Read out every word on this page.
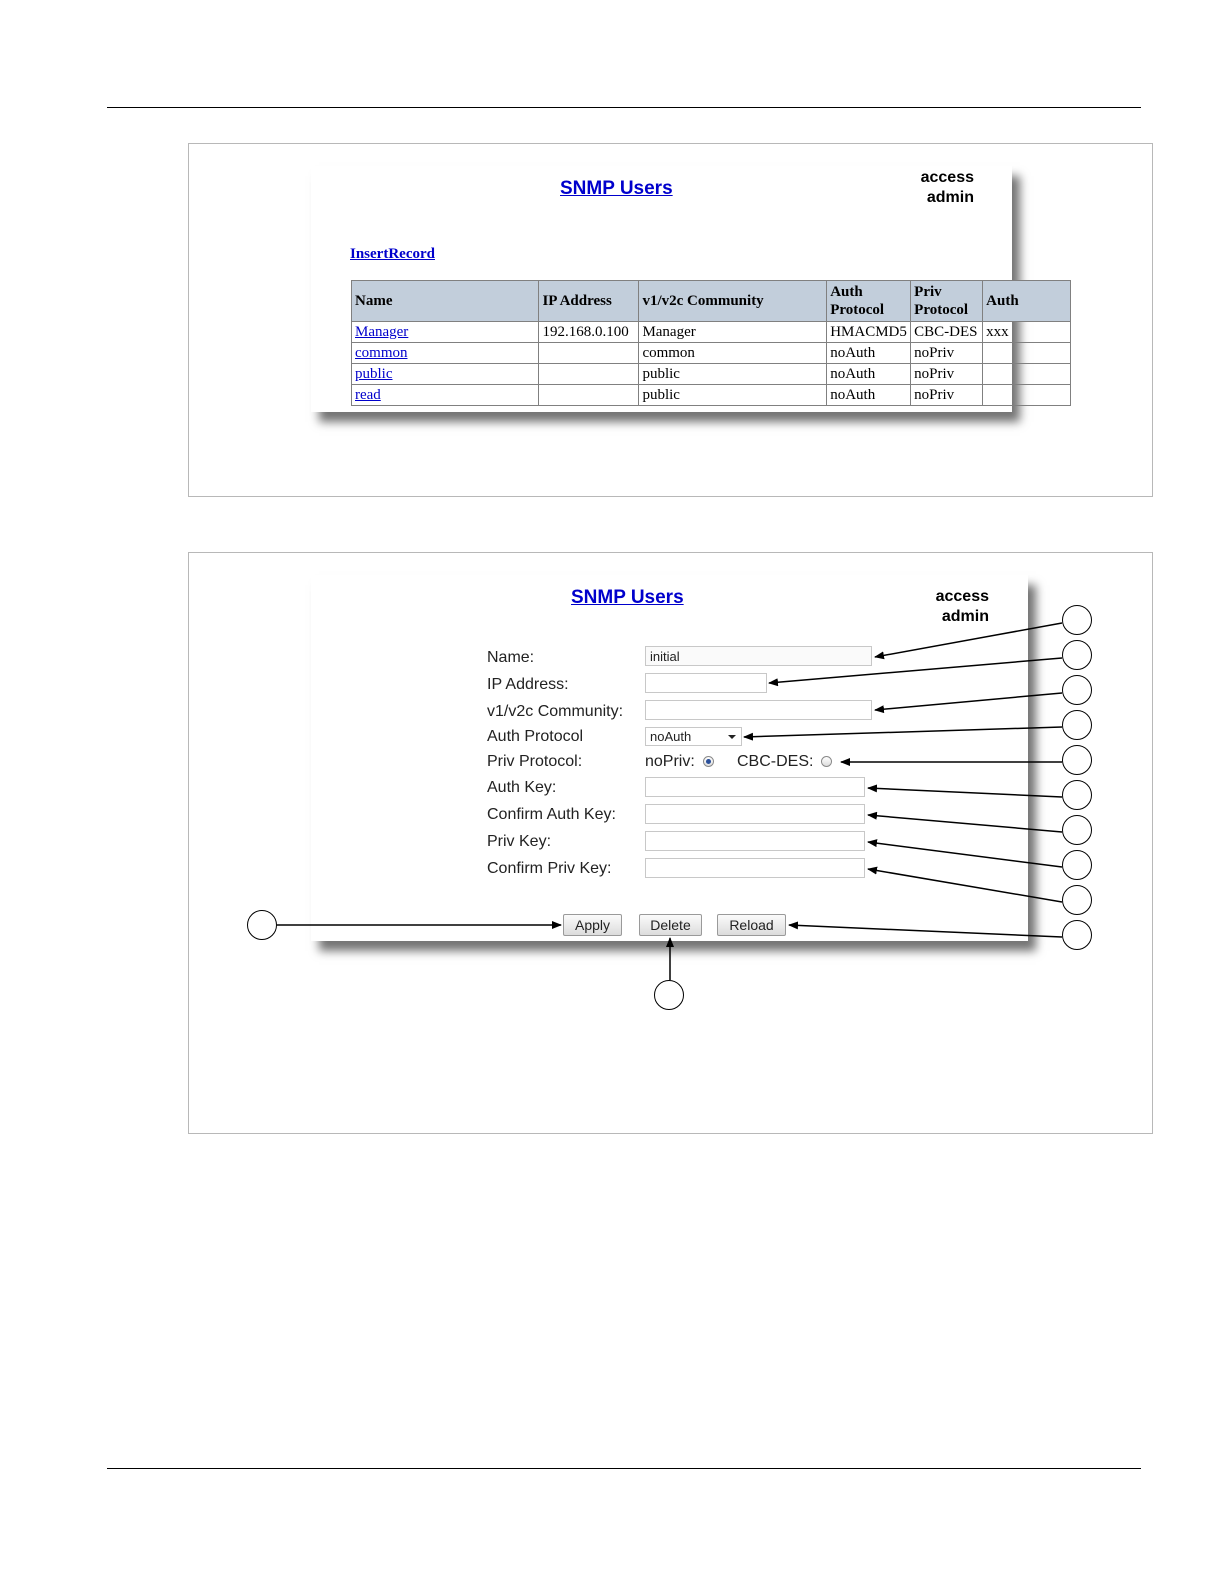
SNMP Users
access
admin
InsertRecord
Name	IP Address	v1/v2c Community	Auth Protocol	Priv Protocol	Auth
Manager	192.168.0.100	Manager	HMACMD5	CBC-DES	xxx
common		common	noAuth	noPriv	
public		public	noAuth	noPriv	
read		public	noAuth	noPriv	
SNMP Users	access
admin
Name:
initial
IP Address:
v1/v2c Community:
Auth Protocol	noAuth
Priv Protocol:	noPriv:	CBC-DES:
Auth Key:
Confirm Auth Key:
Priv Key:
Confirm Priv Key:
Apply	Delete	Reload
